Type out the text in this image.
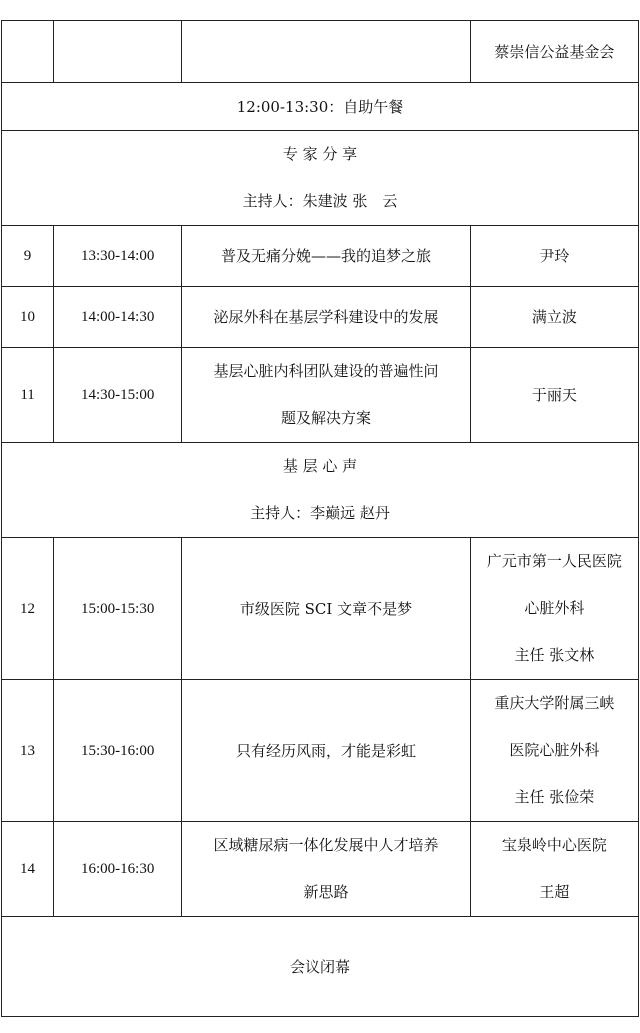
			蔡崇信公益基金会
12:00-13:30：自助午餐			

专 家 分 享
主持人：朱建波 张　云			

9	13:30-14:00	普及无痛分娩——我的追梦之旅	尹玲

10	14:00-14:30	泌尿外科在基层学科建设中的发展	满立波

11	14:30-15:00	基层心脏内科团队建设的普遍性问
题及解决方案	于丽天

基 层 心 声
主持人：李巅远 赵丹			

12	15:00-15:30	市级医院 SCI 文章不是梦	广元市第一人民医院
心脏外科
主任 张文林

13	15:30-16:00	只有经历风雨，才能是彩虹	重庆大学附属三峡
医院心脏外科
主任 张俭荣

14	16:00-16:30	区域糖尿病一体化发展中人才培养
新思路	宝泉岭中心医院
王超

会议闭幕			
